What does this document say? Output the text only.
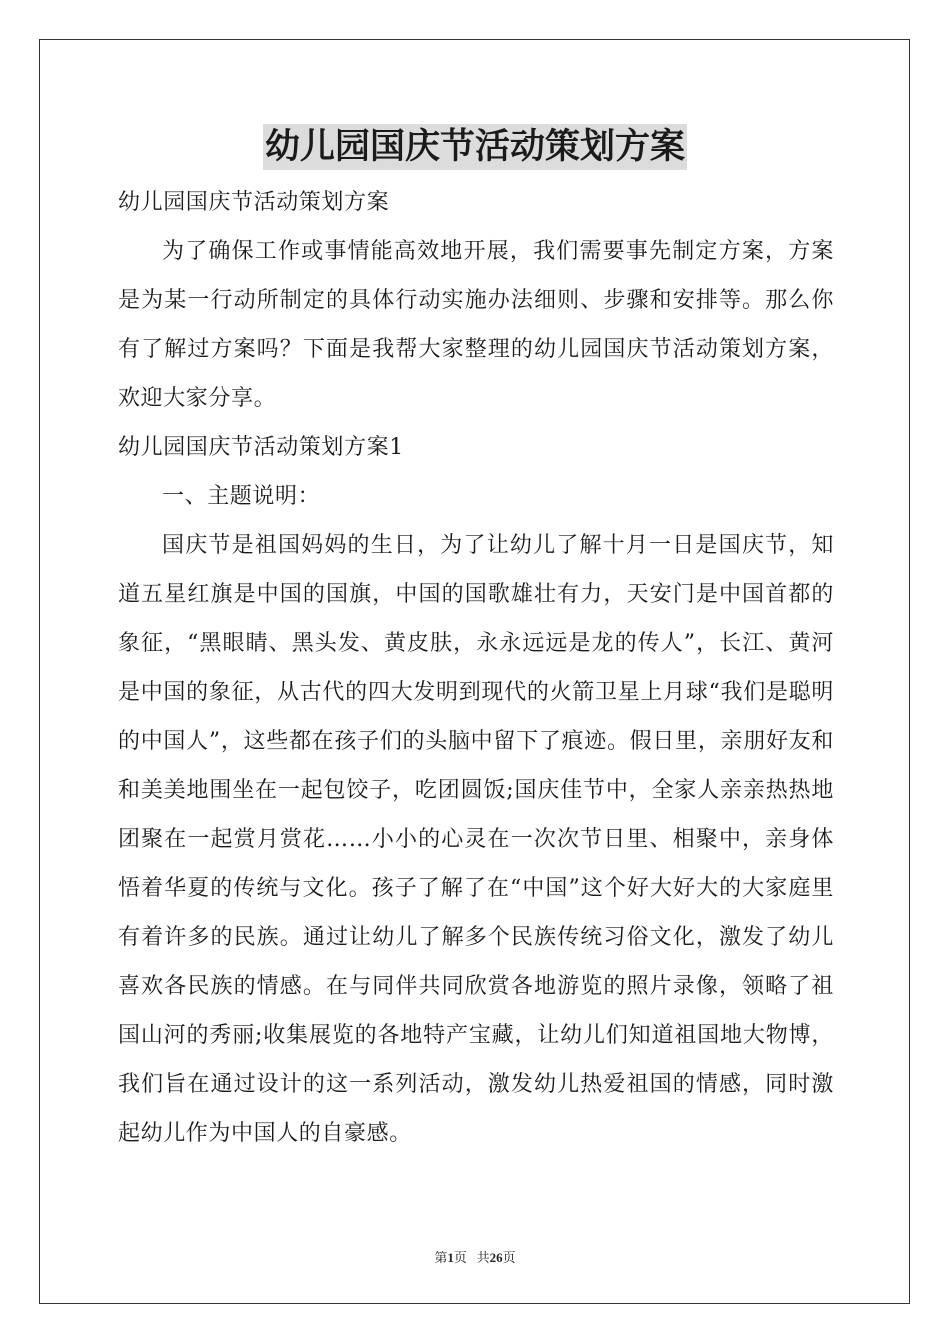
幼儿园国庆节活动策划方案

幼儿园国庆节活动策划方案

为了确保工作或事情能高效地开展，我们需要事先制定方案，方案是为某一行动所制定的具体行动实施办法细则、步骤和安排等。那么你有了解过方案吗？下面是我帮大家整理的幼儿园国庆节活动策划方案，欢迎大家分享。

幼儿园国庆节活动策划方案1

一、主题说明：

国庆节是祖国妈妈的生日，为了让幼儿了解十月一日是国庆节，知道五星红旗是中国的国旗，中国的国歌雄壮有力，天安门是中国首都的象征，“黑眼睛、黑头发、黄皮肤，永永远远是龙的传人”，长江、黄河是中国的象征，从古代的四大发明到现代的火箭卫星上月球“我们是聪明的中国人”，这些都在孩子们的头脑中留下了痕迹。假日里，亲朋好友和和美美地围坐在一起包饺子，吃团圆饭;国庆佳节中，全家人亲亲热热地团聚在一起赏月赏花……小小的心灵在一次次节日里、相聚中，亲身体悟着华夏的传统与文化。孩子了解了在“中国”这个好大好大的大家庭里有着许多的民族。通过让幼儿了解多个民族传统习俗文化，激发了幼儿喜欢各民族的情感。在与同伴共同欣赏各地游览的照片录像，领略了祖国山河的秀丽;收集展览的各地特产宝藏，让幼儿们知道祖国地大物博，我们旨在通过设计的这一系列活动，激发幼儿热爱祖国的情感，同时激起幼儿作为中国人的自豪感。

第1页 共26页
